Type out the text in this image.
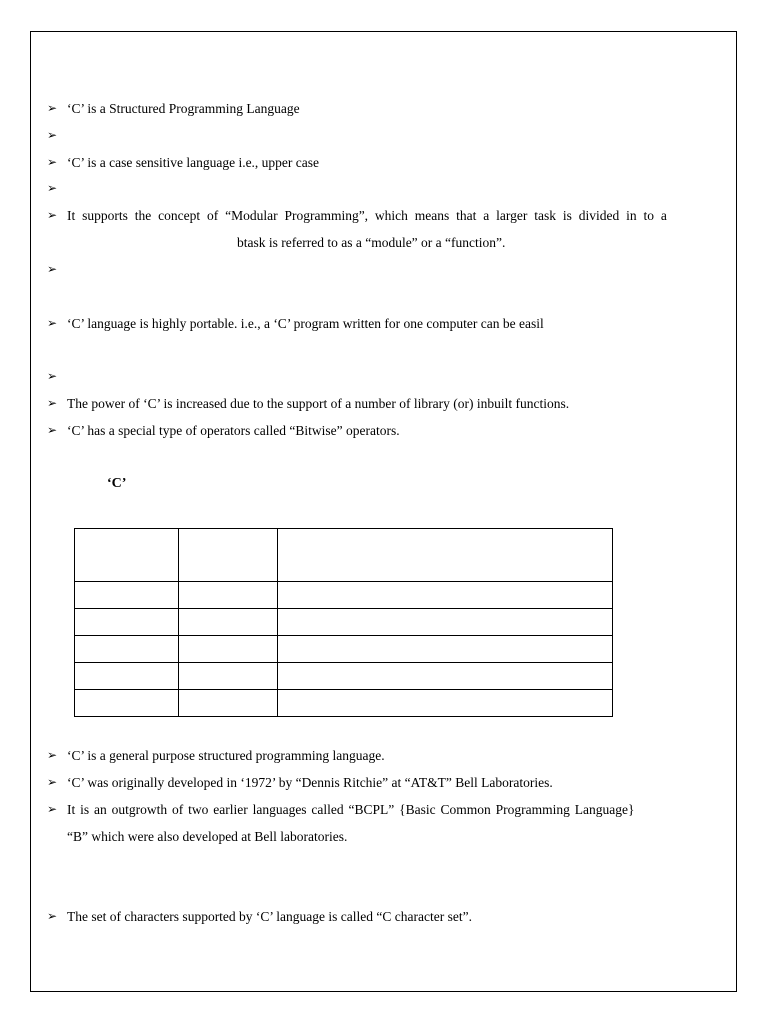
➢
‘C’ is a Structured Programming Language
➢
➢
‘C’ is a case sensitive language i.e., upper case
➢
➢
It supports the concept of “Modular Programming”, which means that a larger task is divided in to a
btask is referred to as a “module” or a “function”.
➢
➢
‘C’ language is highly portable. i.e., a ‘C’ program written for one computer can be easil
➢
➢
The power of ‘C’ is increased due to the support of a number of library (or) inbuilt functions.
➢
‘C’ has a special type of operators called “Bitwise” operators.
‘C’

➢
‘C’ is a general purpose structured programming language.
➢
‘C’ was originally developed in ‘1972’ by “Dennis Ritchie” at “AT&T” Bell Laboratories.
➢
It is an outgrowth of two earlier languages called “BCPL” {Basic Common Programming Language}
“B” which were also developed at Bell laboratories.
➢
The set of characters supported by ‘C’ language is called “C character set”.
